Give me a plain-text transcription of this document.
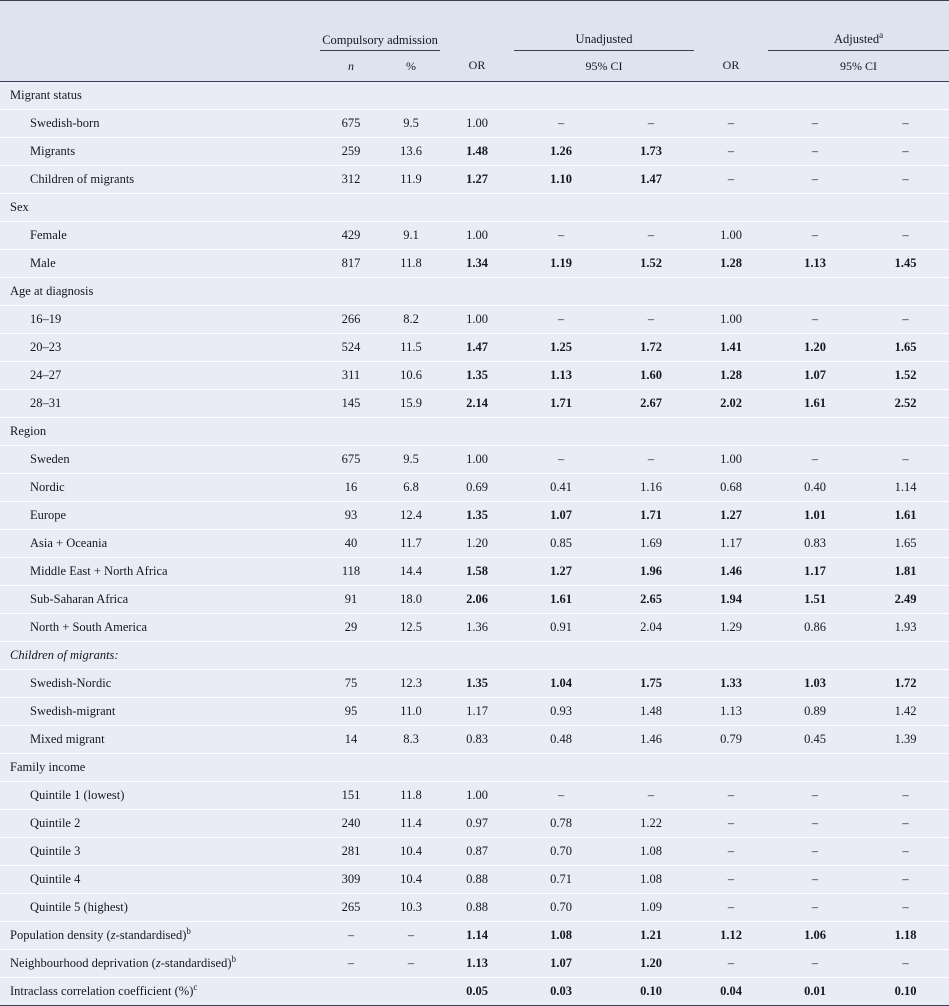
	Compulsory admission			Unadjusted			Adjusted$^a$
	n	%	OR	95% CI		OR	95% CI	
Migrant status								
Swedish-born	675	9.5	1.00	–	–	–	–	–
Migrants	259	13.6	1.48	1.26	1.73	–	–	–
Children of migrants	312	11.9	1.27	1.10	1.47	–	–	–
Sex								
Female	429	9.1	1.00	–	–	1.00	–	–
Male	817	11.8	1.34	1.19	1.52	1.28	1.13	1.45
Age at diagnosis								
16–19	266	8.2	1.00	–	–	1.00	–	–
20–23	524	11.5	1.47	1.25	1.72	1.41	1.20	1.65
24–27	311	10.6	1.35	1.13	1.60	1.28	1.07	1.52
28–31	145	15.9	2.14	1.71	2.67	2.02	1.61	2.52
Region								
Sweden	675	9.5	1.00	–	–	1.00	–	–
Nordic	16	6.8	0.69	0.41	1.16	0.68	0.40	1.14
Europe	93	12.4	1.35	1.07	1.71	1.27	1.01	1.61
Asia + Oceania	40	11.7	1.20	0.85	1.69	1.17	0.83	1.65
Middle East + North Africa	118	14.4	1.58	1.27	1.96	1.46	1.17	1.81
Sub-Saharan Africa	91	18.0	2.06	1.61	2.65	1.94	1.51	2.49
North + South America	29	12.5	1.36	0.91	2.04	1.29	0.86	1.93
Children of migrants:								
Swedish-Nordic	75	12.3	1.35	1.04	1.75	1.33	1.03	1.72
Swedish-migrant	95	11.0	1.17	0.93	1.48	1.13	0.89	1.42
Mixed migrant	14	8.3	0.83	0.48	1.46	0.79	0.45	1.39
Family income								
Quintile 1 (lowest)	151	11.8	1.00	–	–	–	–	–
Quintile 2	240	11.4	0.97	0.78	1.22	–	–	–
Quintile 3	281	10.4	0.87	0.70	1.08	–	–	–
Quintile 4	309	10.4	0.88	0.71	1.08	–	–	–
Quintile 5 (highest)	265	10.3	0.88	0.70	1.09	–	–	–
Population density (z-standardised)$^b$	–	–	1.14	1.08	1.21	1.12	1.06	1.18
Neighbourhood deprivation (z-standardised)$^b$	–	–	1.13	1.07	1.20	–	–	–
Intraclass correlation coefficient (%)$^c$			0.05	0.03	0.10	0.04	0.01	0.10
